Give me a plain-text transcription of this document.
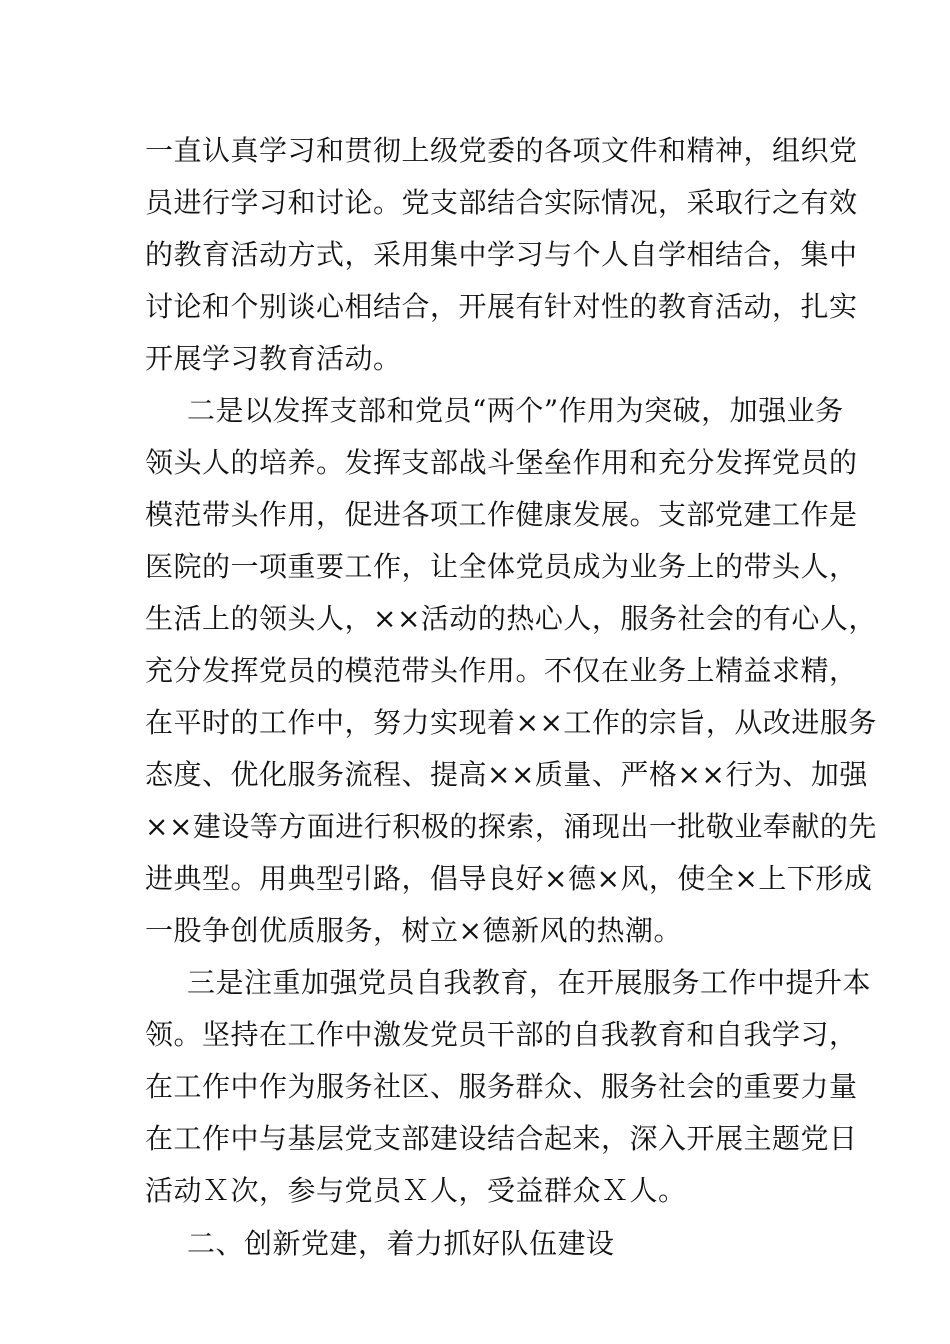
一直认真学习和贯彻上级党委的各项文件和精神，组织党
员进行学习和讨论。党支部结合实际情况，采取行之有效
的教育活动方式，采用集中学习与个人自学相结合，集中
讨论和个别谈心相结合，开展有针对性的教育活动，扎实
开展学习教育活动。
二是以发挥支部和党员“两个”作用为突破，加强业务
领头人的培养。发挥支部战斗堡垒作用和充分发挥党员的
模范带头作用，促进各项工作健康发展。支部党建工作是
医院的一项重要工作，让全体党员成为业务上的带头人，
生活上的领头人，××活动的热心人，服务社会的有心人，
充分发挥党员的模范带头作用。不仅在业务上精益求精，
在平时的工作中，努力实现着××工作的宗旨，从改进服务
态度、优化服务流程、提高××质量、严格××行为、加强
××建设等方面进行积极的探索，涌现出一批敬业奉献的先
进典型。用典型引路，倡导良好×德×风，使全×上下形成
一股争创优质服务，树立×德新风的热潮。
三是注重加强党员自我教育，在开展服务工作中提升本
领。坚持在工作中激发党员干部的自我教育和自我学习，
在工作中作为服务社区、服务群众、服务社会的重要力量
在工作中与基层党支部建设结合起来，深入开展主题党日
活动Ｘ次，参与党员Ｘ人，受益群众Ｘ人。
二、创新党建，着力抓好队伍建设
